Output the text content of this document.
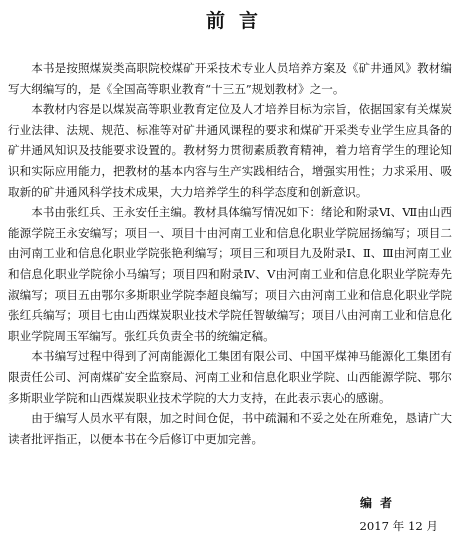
前言

本书是按照煤炭类高职院校煤矿开采技术专业人员培养方案及《矿井通风》教材编写大纲编写的，是《全国高等职业教育“十三五”规划教材》之一。

本教材内容是以煤炭高等职业教育定位及人才培养目标为宗旨，依据国家有关煤炭行业法律、法规、规范、标准等对矿井通风课程的要求和煤矿开采类专业学生应具备的矿井通风知识及技能要求设置的。教材努力贯彻素质教育精神，着力培育学生的理论知识和实际应用能力，把教材的基本内容与生产实践相结合，增强实用性；力求采用、吸取新的矿井通风科学技术成果，大力培养学生的科学态度和创新意识。

本书由张红兵、王永安任主编。教材具体编写情况如下：绪论和附录Ⅵ、Ⅶ由山西能源学院王永安编写；项目一、项目十由河南工业和信息化职业学院屈扬编写；项目二由河南工业和信息化职业学院张艳利编写；项目三和项目九及附录Ⅰ、Ⅱ、Ⅲ由河南工业和信息化职业学院徐小马编写；项目四和附录Ⅳ、Ⅴ由河南工业和信息化职业学院寿先淑编写；项目五由鄂尔多斯职业学院李超良编写；项目六由河南工业和信息化职业学院张红兵编写；项目七由山西煤炭职业技术学院任智敏编写；项目八由河南工业和信息化职业学院周玉军编写。张红兵负责全书的统编定稿。

本书编写过程中得到了河南能源化工集团有限公司、中国平煤神马能源化工集团有限责任公司、河南煤矿安全监察局、河南工业和信息化职业学院、山西能源学院、鄂尔多斯职业学院和山西煤炭职业技术学院的大力支持，在此表示衷心的感谢。

由于编写人员水平有限，加之时间仓促，书中疏漏和不妥之处在所难免，恳请广大读者批评指正，以便本书在今后修订中更加完善。

编者
2017 年 12 月
